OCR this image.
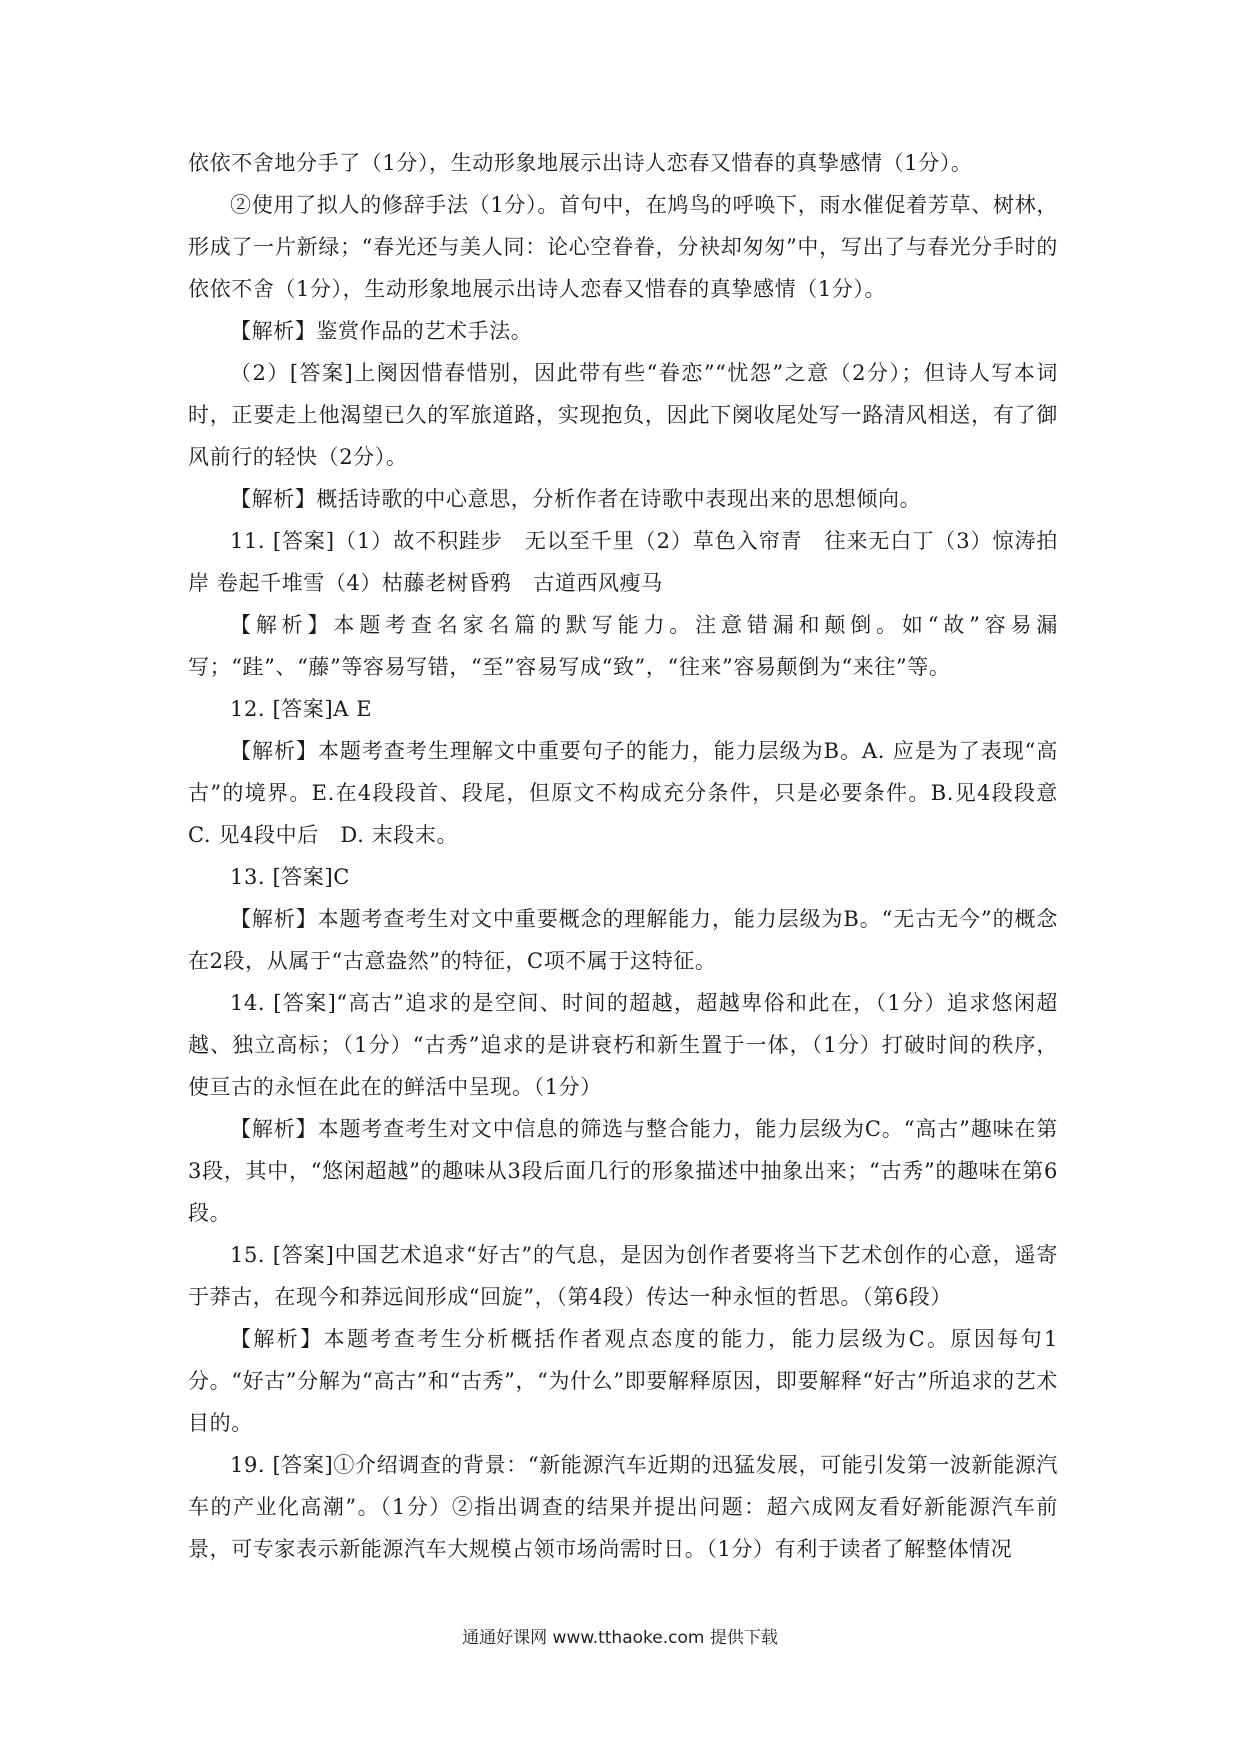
依依不舍地分手了（1分），生动形象地展示出诗人恋春又惜春的真挚感情（1分）。

②使用了拟人的修辞手法（1分）。首句中，在鸠鸟的呼唤下，雨水催促着芳草、树林，形成了一片新绿；“春光还与美人同：论心空眷眷，分袂却匆匆”中，写出了与春光分手时的依依不舍（1分），生动形象地展示出诗人恋春又惜春的真挚感情（1分）。

【解析】鉴赏作品的艺术手法。

（2）[答案]上阕因惜春惜别，因此带有些“眷恋”“忧怨”之意（2分）；但诗人写本词时，正要走上他渴望已久的军旅道路，实现抱负，因此下阕收尾处写一路清风相送，有了御风前行的轻快（2分）。

【解析】概括诗歌的中心意思，分析作者在诗歌中表现出来的思想倾向。

11. [答案]（1）故不积跬步　无以至千里（2）草色入帘青　往来无白丁（3）惊涛拍岸 卷起千堆雪（4）枯藤老树昏鸦　古道西风瘦马

【解析】本题考查名家名篇的默写能力。注意错漏和颠倒。如“故”容易漏写；“跬”、“藤”等容易写错，“至”容易写成“致”，“往来”容易颠倒为“来往”等。

12. [答案]A E

【解析】本题考查考生理解文中重要句子的能力，能力层级为B。A. 应是为了表现“高古”的境界。E.在4段段首、段尾，但原文不构成充分条件，只是必要条件。B.见4段段意 C. 见4段中后　D. 末段末。

13. [答案]C

【解析】本题考查考生对文中重要概念的理解能力，能力层级为B。“无古无今”的概念在2段，从属于“古意盎然”的特征，C项不属于这特征。

14. [答案]“高古”追求的是空间、时间的超越，超越卑俗和此在，（1分）追求悠闲超越、独立高标；（1分）“古秀”追求的是讲衰朽和新生置于一体，（1分）打破时间的秩序，使亘古的永恒在此在的鲜活中呈现。（1分）

【解析】本题考查考生对文中信息的筛选与整合能力，能力层级为C。“高古”趣味在第3段，其中，“悠闲超越”的趣味从3段后面几行的形象描述中抽象出来；“古秀”的趣味在第6段。

15. [答案]中国艺术追求“好古”的气息，是因为创作者要将当下艺术创作的心意，遥寄于莽古，在现今和莽远间形成“回旋”，（第4段）传达一种永恒的哲思。（第6段）

【解析】本题考查考生分析概括作者观点态度的能力，能力层级为C。原因每句1分。“好古”分解为“高古”和“古秀”，“为什么”即要解释原因，即要解释“好古”所追求的艺术目的。

19. [答案]①介绍调查的背景：“新能源汽车近期的迅猛发展，可能引发第一波新能源汽车的产业化高潮”。（1分）②指出调查的结果并提出问题：超六成网友看好新能源汽车前景，可专家表示新能源汽车大规模占领市场尚需时日。（1分）有利于读者了解整体情况

通通好课网 www.tthaoke.com 提供下载
